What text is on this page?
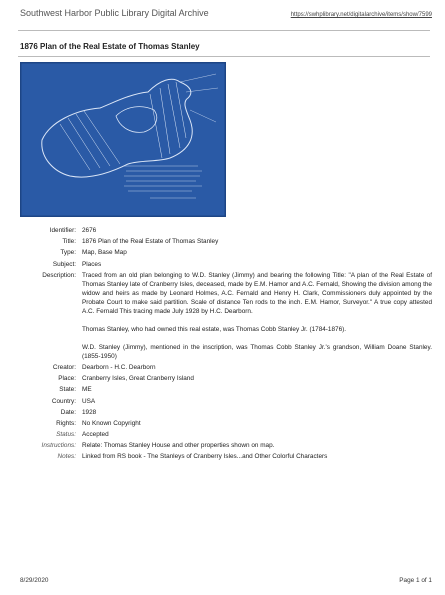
Southwest Harbor Public Library Digital Archive	https://swhplibrary.net/digitalarchive/items/show/7599
1876 Plan of the Real Estate of Thomas Stanley
Identifier: 2676
Title: 1876 Plan of the Real Estate of Thomas Stanley
Type: Map, Base Map
Subject: Places
Description: Traced from an old plan belonging to W.D. Stanley (Jimmy) and bearing the following Title: "A plan of the Real Estate of Thomas Stanley late of Cranberry Isles, deceased, made by E.M. Hamor and A.C. Fernald, Showing the division among the widow and heirs as made by Leonard Holmes, A.C. Fernald and Henry H. Clark, Commissioners duly appointed by the Probate Court to make said partition. Scale of distance Ten rods to the inch. E.M. Hamor, Surveyor." A true copy attested A.C. Fernald This tracing made July 1928 by H.C. Dearborn.

Thomas Stanley, who had owned this real estate, was Thomas Cobb Stanley Jr. (1784-1876).

W.D. Stanley (Jimmy), mentioned in the inscription, was Thomas Cobb Stanley Jr.'s grandson, William Doane Stanley.(1855-1950)

Creator: Dearborn - H.C. Dearborn
Place: Cranberry Isles, Great Cranberry Island
State: ME
Country: USA
Date: 1928
Rights: No Known Copyright
Status: Accepted
Instructions: Relate: Thomas Stanley House and other properties shown on map.
Notes: Linked from RS book - The Stanleys of Cranberry Isles...and Other Colorful Characters
8/29/2020	Page 1 of 1
